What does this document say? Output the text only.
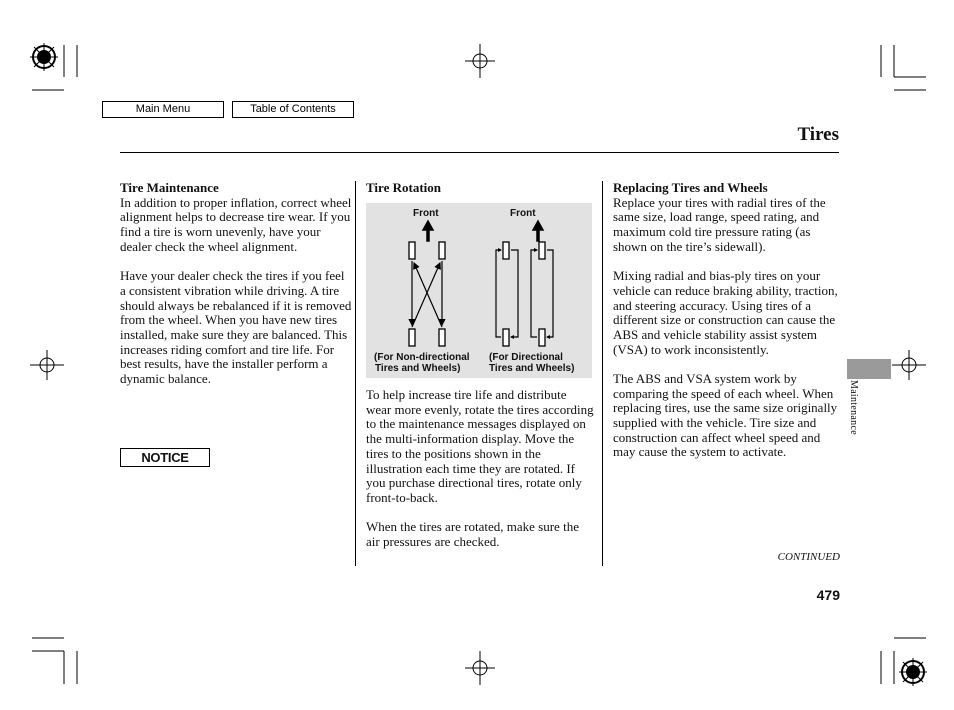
Main Menu	Table of Contents
Tires
Tire Maintenance

In addition to proper inflation, correct wheel alignment helps to decrease tire wear. If you find a tire is worn unevenly, have your dealer check the wheel alignment.

Have your dealer check the tires if you feel a consistent vibration while driving. A tire should always be rebalanced if it is removed from the wheel. When you have new tires installed, make sure they are balanced. This increases riding comfort and tire life. For best results, have the installer perform a dynamic balance.

NOTICE
Tire Rotation
Front	Front
(For Non-directional
Tires and Wheels)
(For Directional
Tires and Wheels)

To help increase tire life and distribute wear more evenly, rotate the tires according to the maintenance messages displayed on the multi-information display. Move the tires to the positions shown in the illustration each time they are rotated. If you purchase directional tires, rotate only front-to-back.

When the tires are rotated, make sure the air pressures are checked.

Replacing Tires and Wheels

Replace your tires with radial tires of the same size, load range, speed rating, and maximum cold tire pressure rating (as shown on the tire’s sidewall).

Mixing radial and bias-ply tires on your vehicle can reduce braking ability, traction, and steering accuracy. Using tires of a different size or construction can cause the ABS and vehicle stability assist system (VSA) to work inconsistently.

The ABS and VSA system work by comparing the speed of each wheel. When replacing tires, use the same size originally supplied with the vehicle. Tire size and construction can affect wheel speed and may cause the system to activate.

Maintenance
CONTINUED
479
